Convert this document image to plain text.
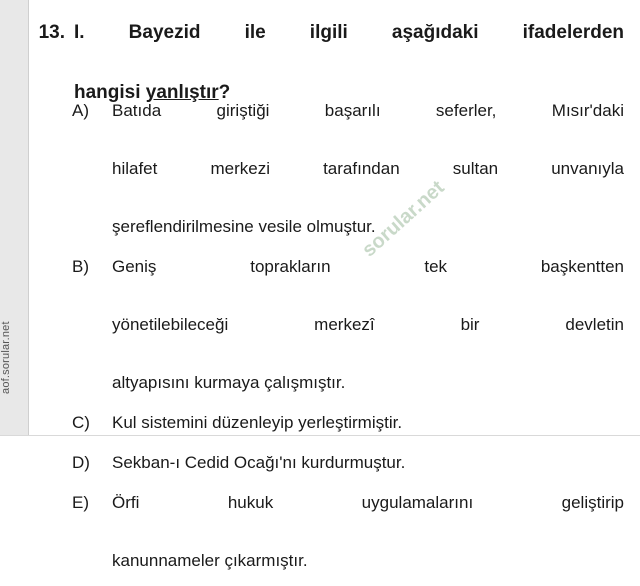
aof.sorular.net
13. I. Bayezid ile ilgili aşağıdaki ifadelerden
hangisi yanlıştır?
A)	Batıda giriştiği başarılı seferler, Mısır'daki
hilafet merkezi tarafından sultan unvanıyla
şereflendirilmesine vesile olmuştur.
B)	Geniş toprakların tek başkentten
yönetilebileceği merkezî bir devletin
altyapısını kurmaya çalışmıştır.
C)	Kul sistemini düzenleyip yerleştirmiştir.
D)	Sekban-ı Cedid Ocağı'nı kurdurmuştur.
E)	Örfi hukuk uygulamalarını geliştirip
kanunnameler çıkarmıştır.
sorular.net
